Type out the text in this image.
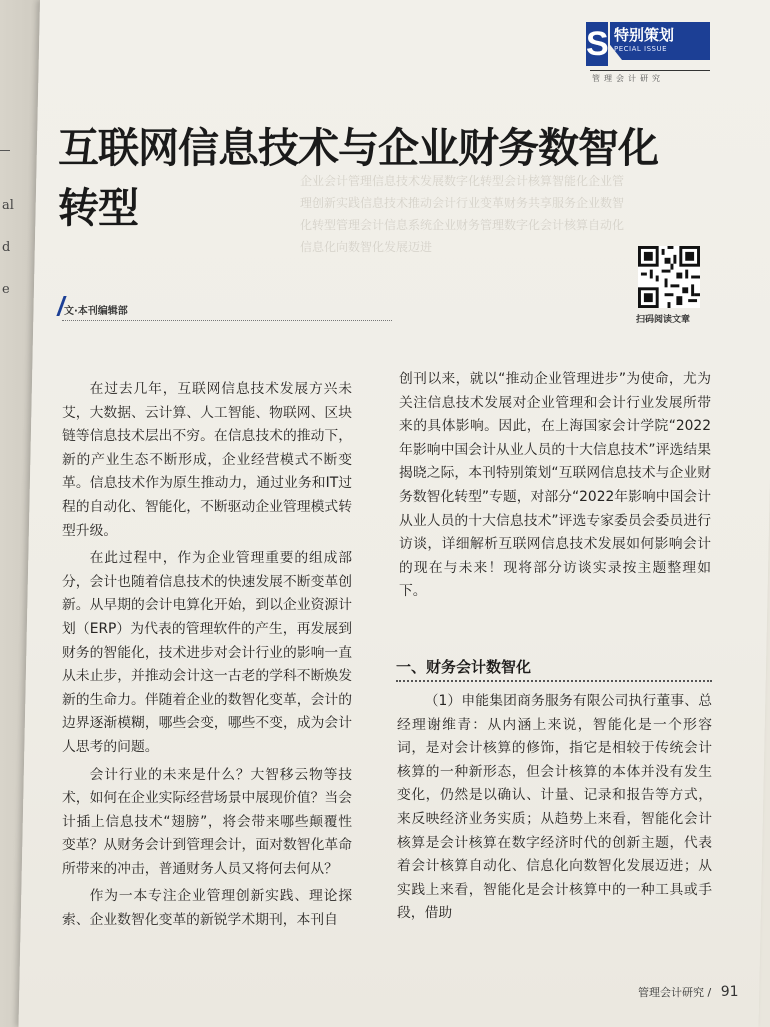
al
d
e
S 特别策划
PECIAL ISSUE
管理会计研究
企业会计管理信息技术发展数字化转型会计核算智能化企业管理创新实践信息技术推动会计行业变革财务共享服务企业数智化转型管理会计信息系统企业财务管理数字化会计核算自动化信息化向数智化发展迈进
互联网信息技术与企业财务数智化转型
扫码阅读文章
文·本刊编辑部

在过去几年，互联网信息技术发展方兴未艾，大数据、云计算、人工智能、物联网、区块链等信息技术层出不穷。在信息技术的推动下，新的产业生态不断形成，企业经营模式不断变革。信息技术作为原生推动力，通过业务和IT过程的自动化、智能化，不断驱动企业管理模式转型升级。

在此过程中，作为企业管理重要的组成部分，会计也随着信息技术的快速发展不断变革创新。从早期的会计电算化开始，到以企业资源计划（ERP）为代表的管理软件的产生，再发展到财务的智能化，技术进步对会计行业的影响一直从未止步，并推动会计这一古老的学科不断焕发新的生命力。伴随着企业的数智化变革，会计的边界逐渐模糊，哪些会变，哪些不变，成为会计人思考的问题。

会计行业的未来是什么？大智移云物等技术，如何在企业实际经营场景中展现价值？当会计插上信息技术“翅膀”，将会带来哪些颠覆性变革？从财务会计到管理会计，面对数智化革命所带来的冲击，普通财务人员又将何去何从？

作为一本专注企业管理创新实践、理论探索、企业数智化变革的新锐学术期刊，本刊自

创刊以来，就以“推动企业管理进步”为使命，尤为关注信息技术发展对企业管理和会计行业发展所带来的具体影响。因此，在上海国家会计学院“2022年影响中国会计从业人员的十大信息技术”评选结果揭晓之际，本刊特别策划“互联网信息技术与企业财务数智化转型”专题，对部分“2022年影响中国会计从业人员的十大信息技术”评选专家委员会委员进行访谈，详细解析互联网信息技术发展如何影响会计的现在与未来！现将部分访谈实录按主题整理如下。

一、财务会计数智化

（1）申能集团商务服务有限公司执行董事、总经理谢维青：从内涵上来说，智能化是一个形容词，是对会计核算的修饰，指它是相较于传统会计核算的一种新形态，但会计核算的本体并没有发生变化，仍然是以确认、计量、记录和报告等方式，来反映经济业务实质；从趋势上来看，智能化会计核算是会计核算在数字经济时代的创新主题，代表着会计核算自动化、信息化向数智化发展迈进；从实践上来看，智能化是会计核算中的一种工具或手段，借助

管理会计研究 / 91
